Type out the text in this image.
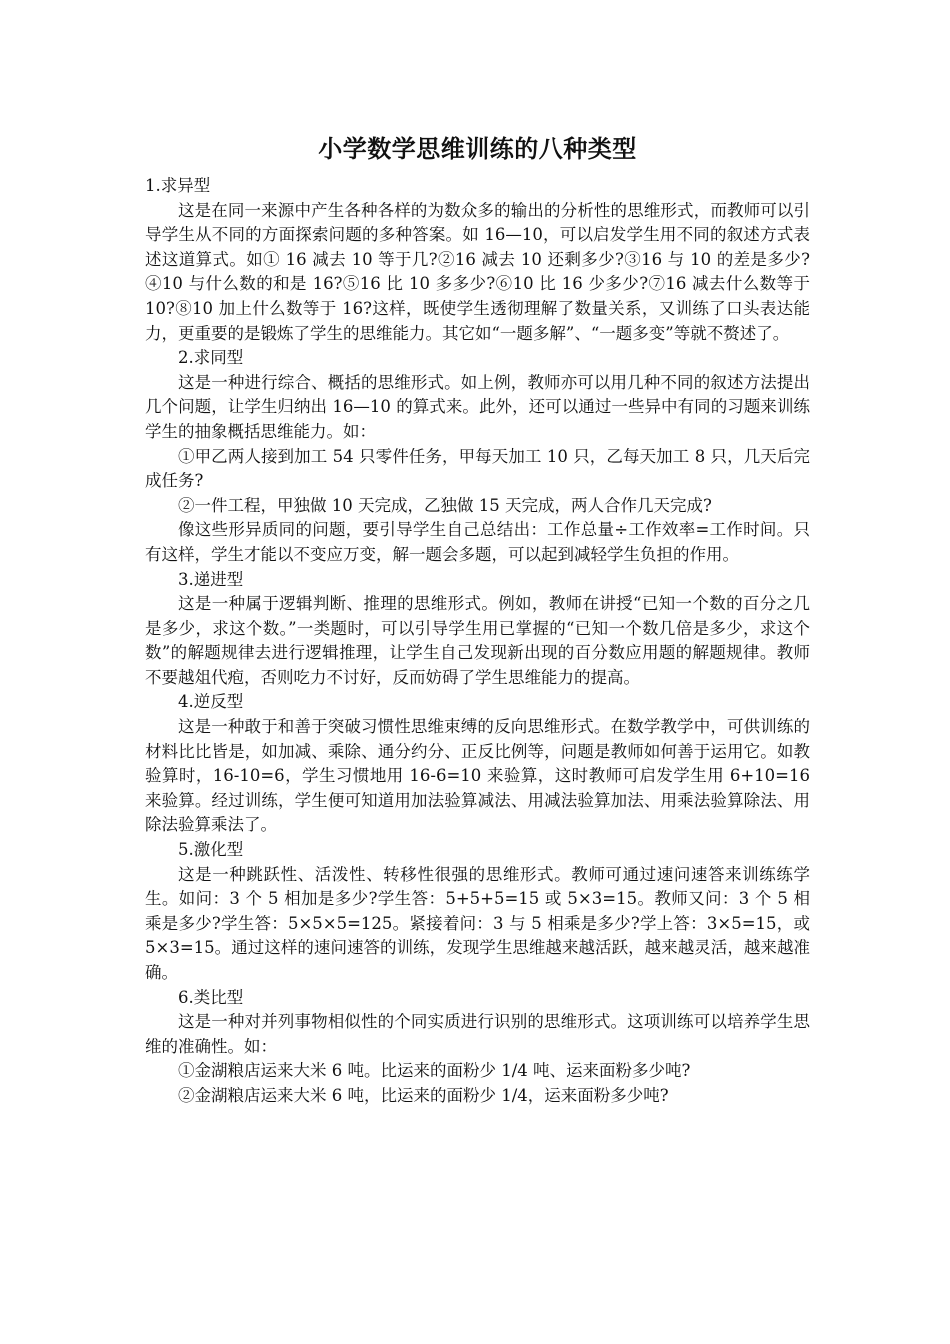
小学数学思维训练的八种类型

1.求异型

这是在同一来源中产生各种各样的为数众多的输出的分析性的思维形式，而教师可以引导学生从不同的方面探索问题的多种答案。如 16—10，可以启发学生用不同的叙述方式表述这道算式。如① 16 减去 10 等于几?②16 减去 10 还剩多少?③16 与 10 的差是多少?④10 与什么数的和是 16?⑤16 比 10 多多少?⑥10 比 16 少多少?⑦16 减去什么数等于 10?⑧10 加上什么数等于 16?这样，既使学生透彻理解了数量关系，又训练了口头表达能力，更重要的是锻炼了学生的思维能力。其它如“一题多解”、“一题多变”等就不赘述了。

2.求同型

这是一种进行综合、概括的思维形式。如上例，教师亦可以用几种不同的叙述方法提出几个问题，让学生归纳出 16—10 的算式来。此外，还可以通过一些异中有同的习题来训练学生的抽象概括思维能力。如：

①甲乙两人接到加工 54 只零件任务，甲每天加工 10 只，乙每天加工 8 只，几天后完成任务?

②一件工程，甲独做 10 天完成，乙独做 15 天完成，两人合作几天完成?

像这些形异质同的问题，要引导学生自己总结出：工作总量÷工作效率=工作时间。只有这样，学生才能以不变应万变，解一题会多题，可以起到减轻学生负担的作用。

3.递进型

这是一种属于逻辑判断、推理的思维形式。例如，教师在讲授“已知一个数的百分之几是多少，求这个数。”一类题时，可以引导学生用已掌握的“已知一个数几倍是多少，求这个数”的解题规律去进行逻辑推理，让学生自己发现新出现的百分数应用题的解题规律。教师不要越俎代疱，否则吃力不讨好，反而妨碍了学生思维能力的提高。

4.逆反型

这是一种敢于和善于突破习惯性思维束缚的反向思维形式。在数学教学中，可供训练的材料比比皆是，如加减、乘除、通分约分、正反比例等，问题是教师如何善于运用它。如教验算时，16-10=6，学生习惯地用 16-6=10 来验算，这时教师可启发学生用 6+10=16 来验算。经过训练，学生便可知道用加法验算减法、用减法验算加法、用乘法验算除法、用除法验算乘法了。

5.激化型

这是一种跳跃性、活泼性、转移性很强的思维形式。教师可通过速问速答来训练练学生。如问：3 个 5 相加是多少?学生答：5+5+5=15 或 5×3=15。教师又问：3 个 5 相乘是多少?学生答：5×5×5=125。紧接着问：3 与 5 相乘是多少?学上答：3×5=15，或 5×3=15。通过这样的速问速答的训练，发现学生思维越来越活跃，越来越灵活，越来越准确。

6.类比型

这是一种对并列事物相似性的个同实质进行识别的思维形式。这项训练可以培养学生思维的准确性。如：

①金湖粮店运来大米 6 吨。比运来的面粉少 1/4 吨、运来面粉多少吨?

②金湖粮店运来大米 6 吨，比运来的面粉少 1/4，运来面粉多少吨?
